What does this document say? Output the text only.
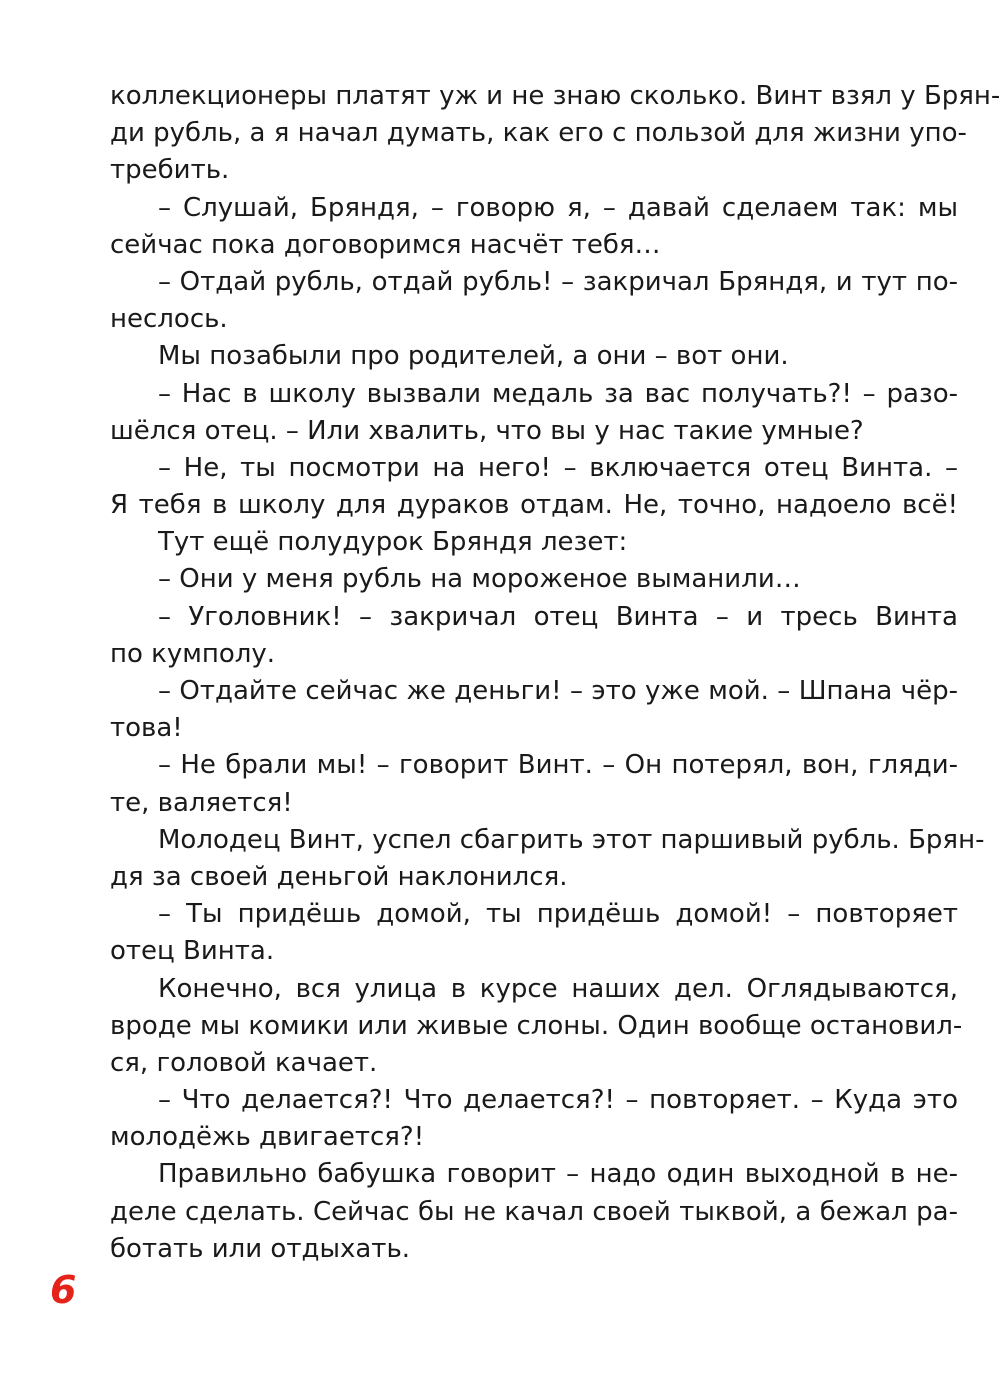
коллекционеры платят уж и не знаю сколько. Винт взял у Брян-
ди рубль, а я начал думать, как его с пользой для жизни упо-
требить.
– Слушай, Бряндя, – говорю я, – давай сделаем так: мы
сейчас пока договоримся насчёт тебя…
– Отдай рубль, отдай рубль! – закричал Бряндя, и тут по-
неслось.
Мы позабыли про родителей, а они – вот они.
– Нас в школу вызвали медаль за вас получать?! – разо-
шёлся отец. – Или хвалить, что вы у нас такие умные?
– Не, ты посмотри на него! – включается отец Винта. –
Я тебя в школу для дураков отдам. Не, точно, надоело всё!
Тут ещё полудурок Бряндя лезет:
– Они у меня рубль на мороженое выманили…
– Уголовник! – закричал отец Винта – и тресь Винта
по кумполу.
– Отдайте сейчас же деньги! – это уже мой. – Шпана чёр-
това!
– Не брали мы! – говорит Винт. – Он потерял, вон, гляди-
те, валяется!
Молодец Винт, успел сбагрить этот паршивый рубль. Брян-
дя за своей деньгой наклонился.
– Ты придёшь домой, ты придёшь домой! – повторяет
отец Винта.
Конечно, вся улица в курсе наших дел. Оглядываются,
вроде мы комики или живые слоны. Один вообще остановил-
ся, головой качает.
– Что делается?! Что делается?! – повторяет. – Куда это
молодёжь двигается?!
Правильно бабушка говорит – надо один выходной в не-
деле сделать. Сейчас бы не качал своей тыквой, а бежал ра-
ботать или отдыхать.
6
